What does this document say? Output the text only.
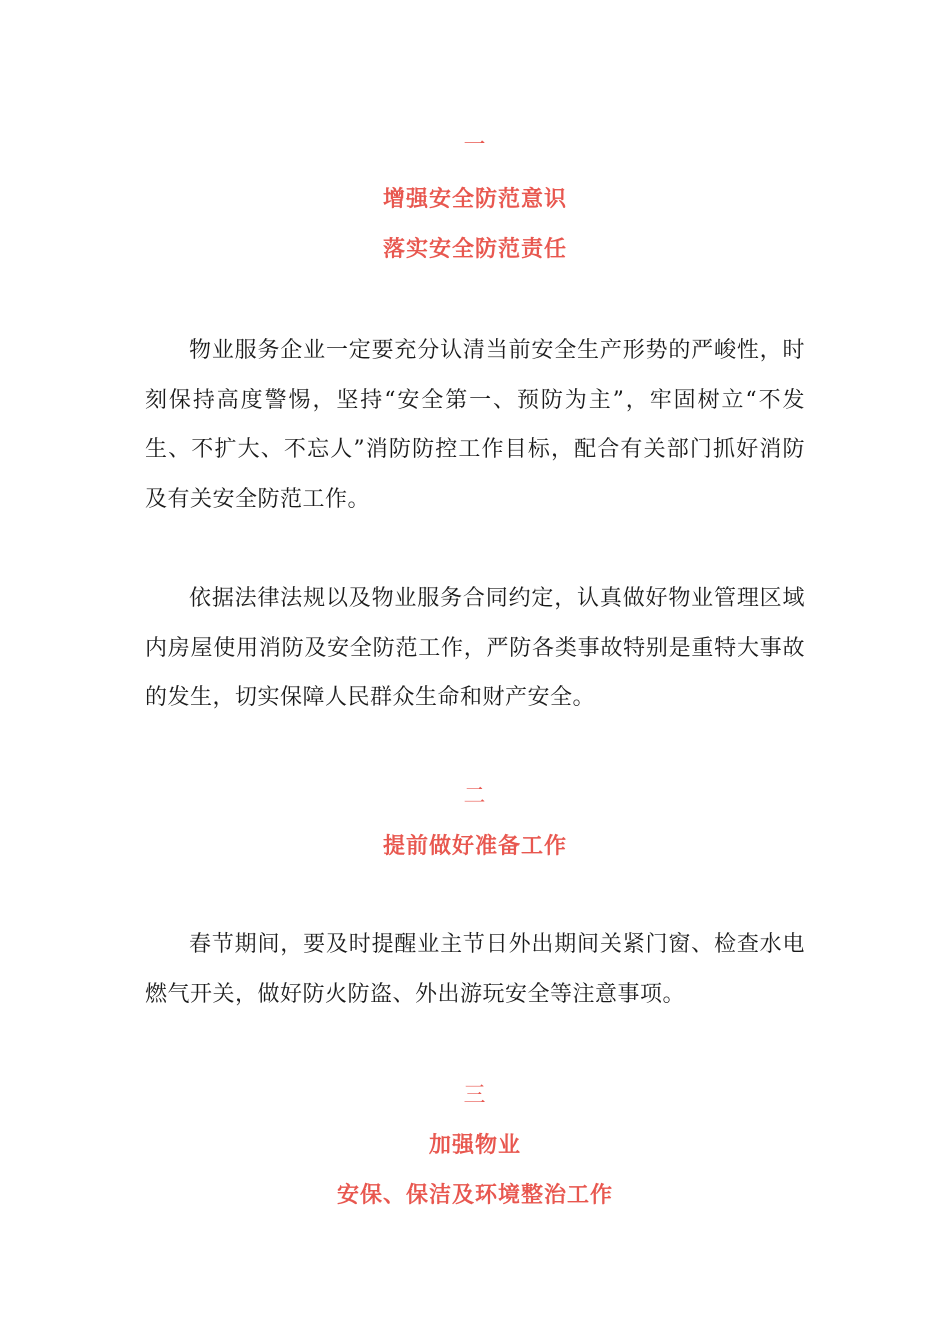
一

增强安全防范意识

落实安全防范责任

物业服务企业一定要充分认清当前安全生产形势的严峻性，时刻保持高度警惕，坚持“安全第一、预防为主”，牢固树立“不发生、不扩大、不忘人”消防防控工作目标，配合有关部门抓好消防及有关安全防范工作。

依据法律法规以及物业服务合同约定，认真做好物业管理区域内房屋使用消防及安全防范工作，严防各类事故特别是重特大事故的发生，切实保障人民群众生命和财产安全。

二

提前做好准备工作

春节期间，要及时提醒业主节日外出期间关紧门窗、检查水电燃气开关，做好防火防盗、外出游玩安全等注意事项。

三

加强物业

安保、保洁及环境整治工作
